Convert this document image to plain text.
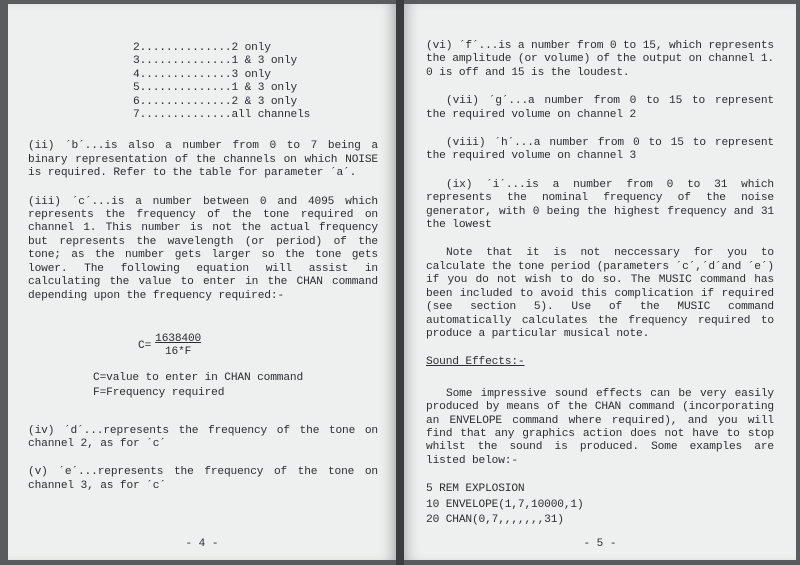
2..............2 only
3..............1 & 3 only
4..............3 only
5..............1 & 3 only
6..............2 & 3 only
7..............all channels

(ii) ´b´...is also a number from 0 to 7 being a binary representation of the channels on which NOISE is required. Refer to the table for parameter ´a´.

(iii) ´c´...is a number between 0 and 4095 which represents the frequency of the tone required on channel 1. This number is not the actual frequency but represents the wavelength (or period) of the tone; as the number gets larger so the tone gets lower. The following equation will assist in calculating the value to enter in the CHAN command depending upon the frequency required:-

$C= \frac{1638400}{16*F}$
C=value to enter in CHAN command
F=Frequency required

(iv) ´d´...represents the frequency of the tone on channel 2, as for ´c´

(v) ´e´...represents the frequency of the tone on channel 3, as for ´c´

- 4 -

(vi) ´f´...is a number from 0 to 15, which represents the amplitude (or volume) of the output on channel 1. 0 is off and 15 is the loudest.

(vii) ´g´...a number from 0 to 15 to represent the required volume on channel 2

(viii) ´h´...a number from 0 to 15 to represent the required volume on channel 3

(ix) ´i´...is a number from 0 to 31 which represents the nominal frequency of the noise generator, with 0 being the highest frequency and 31 the lowest

Note that it is not neccessary for you to calculate the tone period (parameters ´c´,´d´and ´e´) if you do not wish to do so. The MUSIC command has been included to avoid this complication if required (see section 5). Use of the MUSIC command automatically calculates the frequency required to produce a particular musical note.

Sound Effects:-

Some impressive sound effects can be very easily produced by means of the CHAN command (incorporating an ENVELOPE command where required), and you will find that any graphics action does not have to stop whilst the sound is produced. Some examples are listed below:-

5 REM EXPLOSION
10 ENVELOPE(1,7,10000,1)
20 CHAN(0,7,,,,,,,31)
- 5 -
